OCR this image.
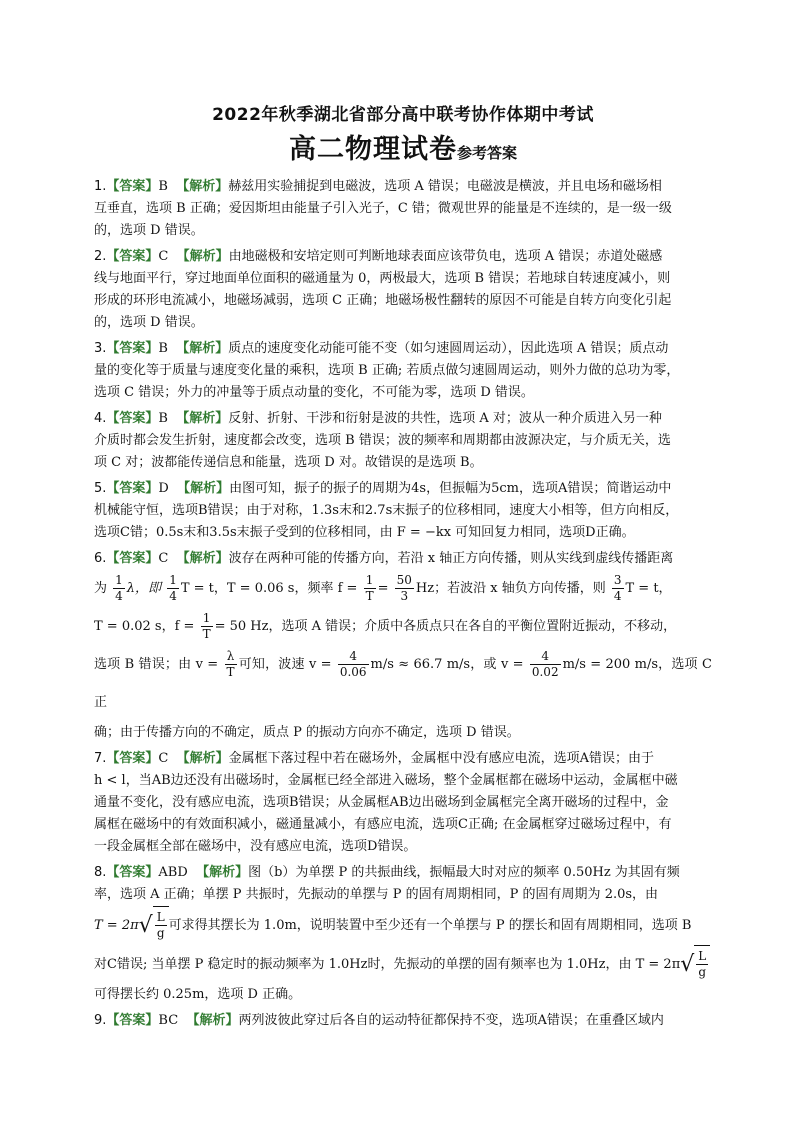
2022年秋季湖北省部分高中联考协作体期中考试
高二物理试卷参考答案
1.【答案】B 【解析】赫兹用实验捕捉到电磁波，选项 A 错误；电磁波是横波，并且电场和磁场相
互垂直，选项 B 正确；爱因斯坦由能量子引入光子，C 错；微观世界的能量是不连续的，是一级一级
的，选项 D 错误。
2.【答案】C 【解析】由地磁极和安培定则可判断地球表面应该带负电，选项 A 错误；赤道处磁感
线与地面平行，穿过地面单位面积的磁通量为 0，两极最大，选项 B 错误；若地球自转速度减小，则
形成的环形电流减小，地磁场减弱，选项 C 正确；地磁场极性翻转的原因不可能是自转方向变化引起
的，选项 D 错误。
3.【答案】B 【解析】质点的速度变化动能可能不变（如匀速圆周运动），因此选项 A 错误；质点动
量的变化等于质量与速度变化量的乘积，选项 B 正确; 若质点做匀速圆周运动，则外力做的总功为零，
选项 C 错误；外力的冲量等于质点动量的变化，不可能为零，选项 D 错误。
4.【答案】B 【解析】反射、折射、干涉和衍射是波的共性，选项 A 对；波从一种介质进入另一种
介质时都会发生折射，速度都会改变，选项 B 错误；波的频率和周期都由波源决定，与介质无关，选
项 C 对；波都能传递信息和能量，选项 D 对。故错误的是选项 B。
5.【答案】D 【解析】由图可知，振子的振子的周期为4s，但振幅为5cm，选项A错误；简谐运动中
机械能守恒，选项B错误；由于对称，1.3s末和2.7s末振子的位移相同，速度大小相等，但方向相反，
选项C错；0.5s末和3.5s末振子受到的位移相同，由 F = −kx 可知回复力相同，选项D正确。
6.【答案】C 【解析】波存在两种可能的传播方向，若沿 x 轴正方向传播，则从实线到虚线传播距离
为 $\frac{1}{4}$ λ，即 $\frac{1}{4}$ T = t，T = 0.06 s，频率 $f = \frac{1}{T} = \frac{50}{3}$ Hz；若波沿 x 轴负方向传播，则 $\frac{3}{4}$ T = t，
T = 0.02 s，$f = \frac{1}{T} = 50$ Hz，选项 A 错误；介质中各质点只在各自的平衡位置附近振动，不移动，
选项 B 错误；由 $v = \frac{\lambda}{T}$ 可知，波速 $v = \frac{4}{0.06} m/s \approx 66.7$ m/s，或 $v = \frac{4}{0.02} m/s = 200$ m/s，选项 C 正
确；由于传播方向的不确定，质点 P 的振动方向亦不确定，选项 D 错误。
7.【答案】C 【解析】金属框下落过程中若在磁场外，金属框中没有感应电流，选项A错误；由于
h < l，当AB边还没有出磁场时，金属框已经全部进入磁场，整个金属框都在磁场中运动，金属框中磁
通量不变化，没有感应电流，选项B错误；从金属框AB边出磁场到金属框完全离开磁场的过程中，金
属框在磁场中的有效面积减小，磁通量减小，有感应电流，选项C正确; 在金属框穿过磁场过程中，有
一段金属框全部在磁场中，没有感应电流，选项D错误。
8.【答案】ABD 【解析】图（b）为单摆 P 的共振曲线，振幅最大时对应的频率 0.50Hz 为其固有频
率，选项 A 正确；单摆 P 共振时，先振动的单摆与 P 的固有周期相同，P 的固有周期为 2.0s，由
$T = 2\pi√ \frac{L}{g}$ 可求得其摆长为 1.0m，说明装置中至少还有一个单摆与 P 的摆长和固有周期相同，选项 B
对C错误; 当单摆 P 稳定时的振动频率为 1.0Hz时，先振动的单摆的固有频率也为 1.0Hz，由 $T = 2\pi√ \frac{L}{g}$
可得摆长约 0.25m，选项 D 正确。
9.【答案】BC 【解析】两列波彼此穿过后各自的运动特征都保持不变，选项A错误；在重叠区域内
